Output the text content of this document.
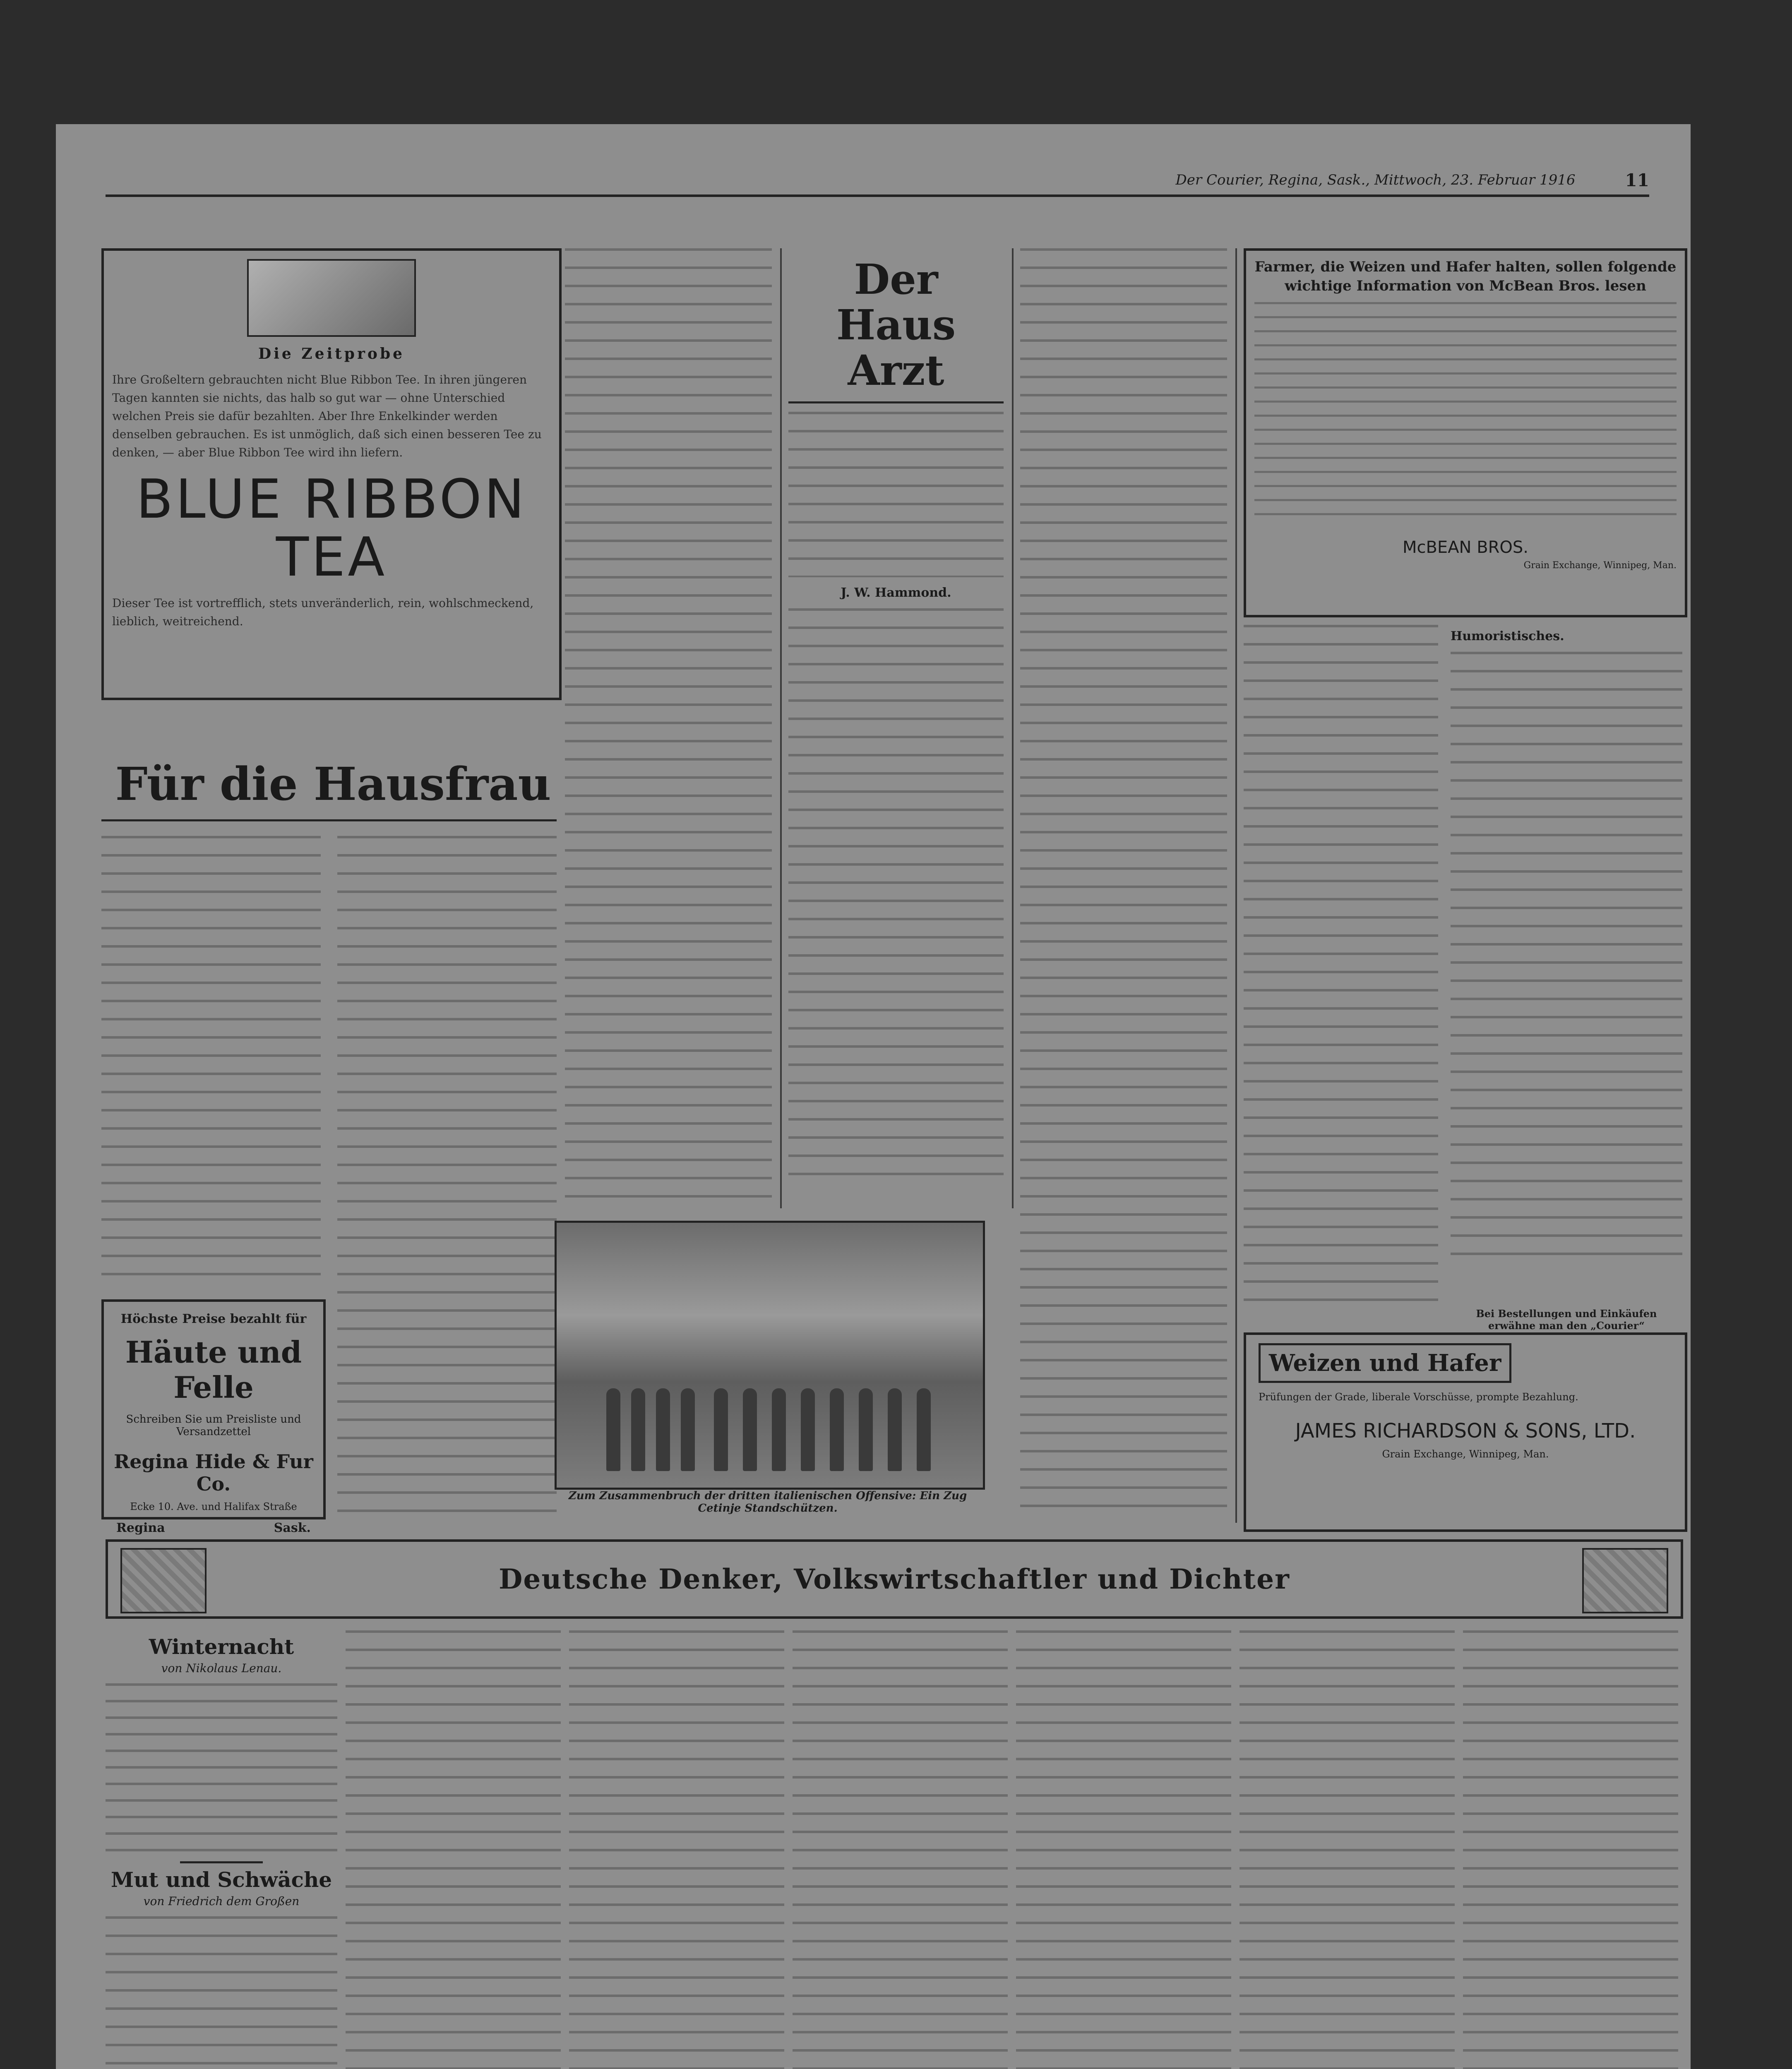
Der Courier, Regina, Sask., Mittwoch, 23. Februar 1916	11
Die Zeitprobe
Ihre Großeltern gebrauchten nicht Blue Ribbon Tee. In ihren jüngeren Tagen kannten sie nichts, das halb so gut war — ohne Unterschied welchen Preis sie dafür bezahlten. Aber Ihre Enkelkinder werden denselben gebrauchen. Es ist unmöglich, daß sich einen besseren Tee zu denken, — aber Blue Ribbon Tee wird ihn liefern.
BLUE RIBBON
TEA
Dieser Tee ist vortrefflich, stets unveränderlich, rein, wohlschmeckend, lieblich, weitreichend.
Für die Hausfrau
Höchste Preise bezahlt für
Häute und Felle
Schreiben Sie um Preisliste und Versandzettel
Regina Hide & Fur Co.
Ecke 10. Ave. und Halifax Straße
Regina	Sask.
Der Haus
Arzt
J. W. Hammond.
Farmer, die Weizen und Hafer halten, sollen folgende wichtige Information von McBean Bros. lesen
McBEAN BROS.
Grain Exchange, Winnipeg, Man.
Humoristisches.
Bei Bestellungen und Einkäufen erwähne man den „Courier“
Weizen und Hafer
Prüfungen der Grade, liberale Vorschüsse, prompte Bezahlung.
JAMES RICHARDSON & SONS, LTD.
Grain Exchange, Winnipeg, Man.
Zum Zusammenbruch der dritten italienischen Offensive: Ein Zug Cetinje Standschützen.
Deutsche Denker, Volkswirtschaftler und Dichter
Winternacht
von Nikolaus Lenau.
Mut und Schwäche
von Friedrich dem Großen
